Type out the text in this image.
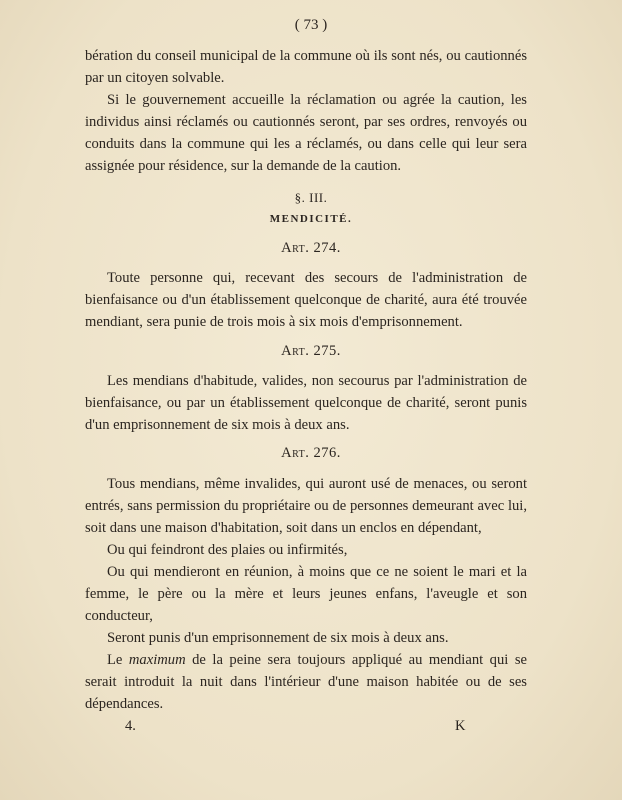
( 73 )

bération du conseil municipal de la commune où ils sont nés, ou cautionnés par un citoyen solvable.

Si le gouvernement accueille la réclamation ou agrée la caution, les individus ainsi réclamés ou cautionnés seront, par ses ordres, renvoyés ou conduits dans la commune qui les a réclamés, ou dans celle qui leur sera assignée pour résidence, sur la demande de la caution.

§. III.
MENDICITÉ.
Art. 274.
Toute personne qui, recevant des secours de l'administration de bienfaisance ou d'un établissement quelconque de charité, aura été trouvée mendiant, sera punie de trois mois à six mois d'emprisonnement.
Art. 275.
Les mendians d'habitude, valides, non secourus par l'administration de bienfaisance, ou par un établissement quelconque de charité, seront punis d'un emprisonnement de six mois à deux ans.
Art. 276.

Tous mendians, même invalides, qui auront usé de menaces, ou seront entrés, sans permission du propriétaire ou de personnes demeurant avec lui, soit dans une maison d'habitation, soit dans un enclos en dépendant,

Ou qui feindront des plaies ou infirmités,

Ou qui mendieront en réunion, à moins que ce ne soient le mari et la femme, le père ou la mère et leurs jeunes enfans, l'aveugle et son conducteur,

Seront punis d'un emprisonnement de six mois à deux ans.

Le maximum de la peine sera toujours appliqué au mendiant qui se serait introduit la nuit dans l'intérieur d'une maison habitée ou de ses dépendances.

4.	K
